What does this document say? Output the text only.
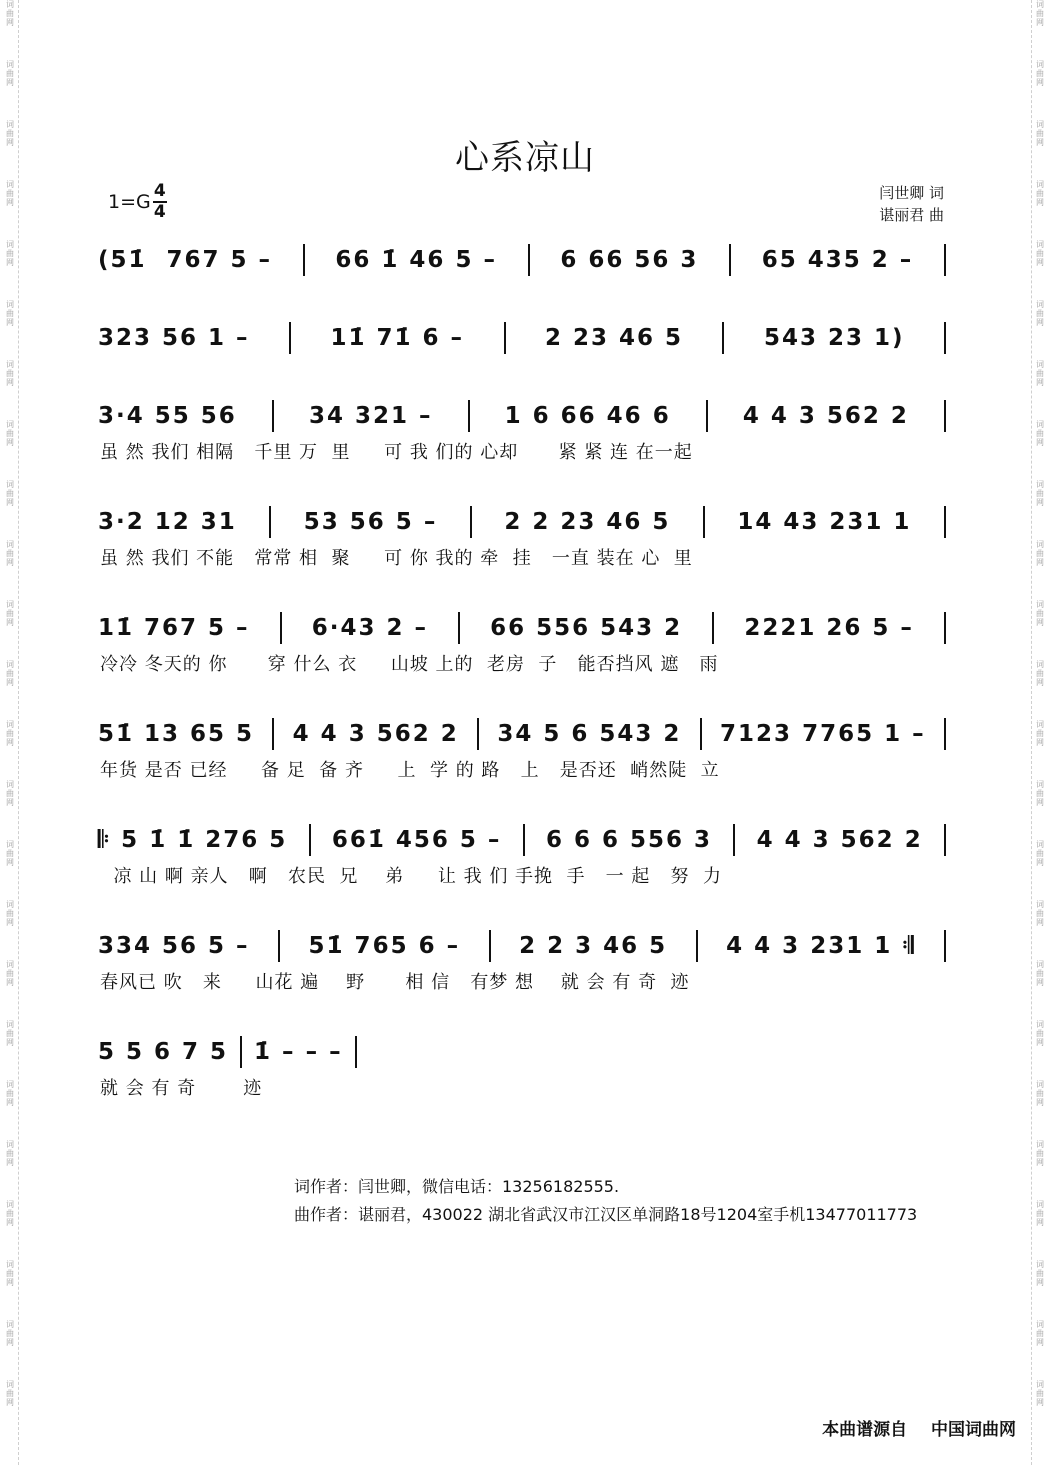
词
曲
网
词
曲
网
词
曲
网
词
曲
网
词
曲
网
词
曲
网
词
曲
网
词
曲
网
词
曲
网
词
曲
网
词
曲
网
词
曲
网
词
曲
网
词
曲
网
词
曲
网
词
曲
网
词
曲
网
词
曲
网
词
曲
网
词
曲
网
词
曲
网
词
曲
网
词
曲
网
词
曲
网
词
曲
网
词
曲
网
词
曲
网
词
曲
网
词
曲
网
词
曲
网
词
曲
网
词
曲
网
词
曲
网
词
曲
网
词
曲
网
词
曲
网
词
曲
网
词
曲
网
词
曲
网
词
曲
网
词
曲
网
词
曲
网
词
曲
网
词
曲
网
词
曲
网
词
曲
网
词
曲
网
词
曲
网
心系凉山
1=G 4
4
闫世卿 词
谌丽君 曲
(51̇  767 5 –	66 1̇ 46 5 –	6 66 56 3	65 435 2 –
323 56 1 –	11̇ 71̇ 6 –	2 23 46 5	543 23 1)
3·4 55 56	34 321 –	1 6 66 46 6	4 4 3 562 2
虽 然 我们 相隔   千里 万  里     可 我 们的 心却      紧 紧 连 在一起
3·2 12 31	53 56 5 –	2 2 23 46 5	14 43 231 1
虽 然 我们 不能   常常 相  聚     可 你 我的 牵  挂   一直 装在 心  里
11̇ 767 5 –	6·43 2 –	66 556 543 2	2221 26 5 –
冷冷 冬天的 你      穿 什么 衣     山坡 上的  老房  子   能否挡风 遮   雨
51̇ 13 65 5 4 4 3 562 2 34 5 6 543 2 7123 7765 1 –
年货 是否 已经     备 足  备 齐     上  学 的 路   上   是否还  峭然陡  立
𝄆 5 1̇ 1̇ 276 5 661̇ 456 5 – 6 6 6 556 3 4 4 3 562 2
凉 山 啊 亲人   啊   农民  兄    弟     让 我 们 手挽  手   一 起   努  力
334 56 5 –	51̇ 765 6 –	2 2 3 46 5	4 4 3 231 1 𝄇
春风已 吹   来     山花 遍    野      相 信   有梦 想    就 会 有 奇  迹
5 5 6 7 5 1̇ – – –
就 会 有 奇       迹
词作者：闫世卿，微信电话：13256182555.
曲作者：谌丽君，430022 湖北省武汉市江汉区单洞路18号1204室手机13477011773
本曲谱源自 中国词曲网
